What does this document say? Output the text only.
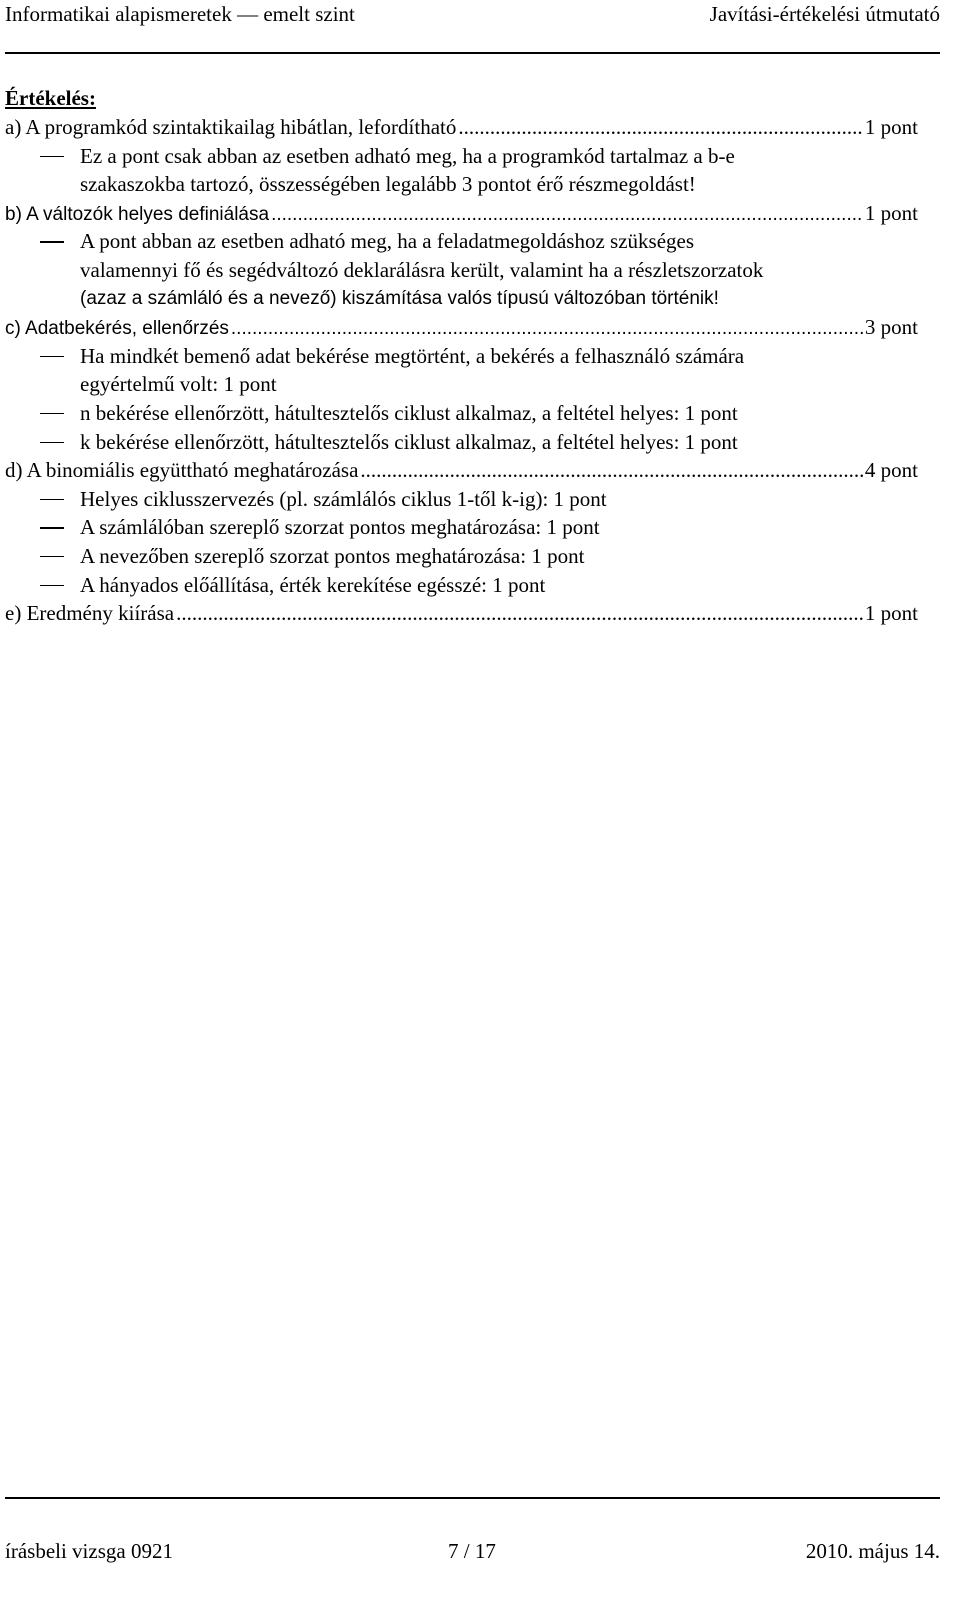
Informatikai alapismeretek — emelt szint	Javítási-értékelési útmutató
Értékelés:
a) A programkód szintaktikailag hibátlan, lefordítható .....	1 pont
Ez a pont csak abban az esetben adható meg, ha a programkód tartalmaz a b-e
szakaszokba tartozó, összességében legalább 3 pontot érő részmegoldást!
b) A változók helyes definiálása .....	1 pont
A pont abban az esetben adható meg, ha a feladatmegoldáshoz szükséges
valamennyi fő és segédváltozó deklarálásra került, valamint ha a részletszorzatok
(azaz a számláló és a nevező) kiszámítása valós típusú változóban történik!
c) Adatbekérés, ellenőrzés .....	3 pont
Ha mindkét bemenő adat bekérése megtörtént, a bekérés a felhasználó számára
egyértelmű volt: 1 pont
n bekérése ellenőrzött, hátultesztelős ciklust alkalmaz, a feltétel helyes: 1 pont
k bekérése ellenőrzött, hátultesztelős ciklust alkalmaz, a feltétel helyes: 1 pont
d) A binomiális együttható meghatározása .....	4 pont
Helyes ciklusszervezés (pl. számlálós ciklus 1-től k-ig): 1 pont
A számlálóban szereplő szorzat pontos meghatározása: 1 pont
A nevezőben szereplő szorzat pontos meghatározása: 1 pont
A hányados előállítása, érték kerekítése egésszé: 1 pont
e) Eredmény kiírása .....	1 pont
írásbeli vizsga 0921	7 / 17	2010. május 14.
